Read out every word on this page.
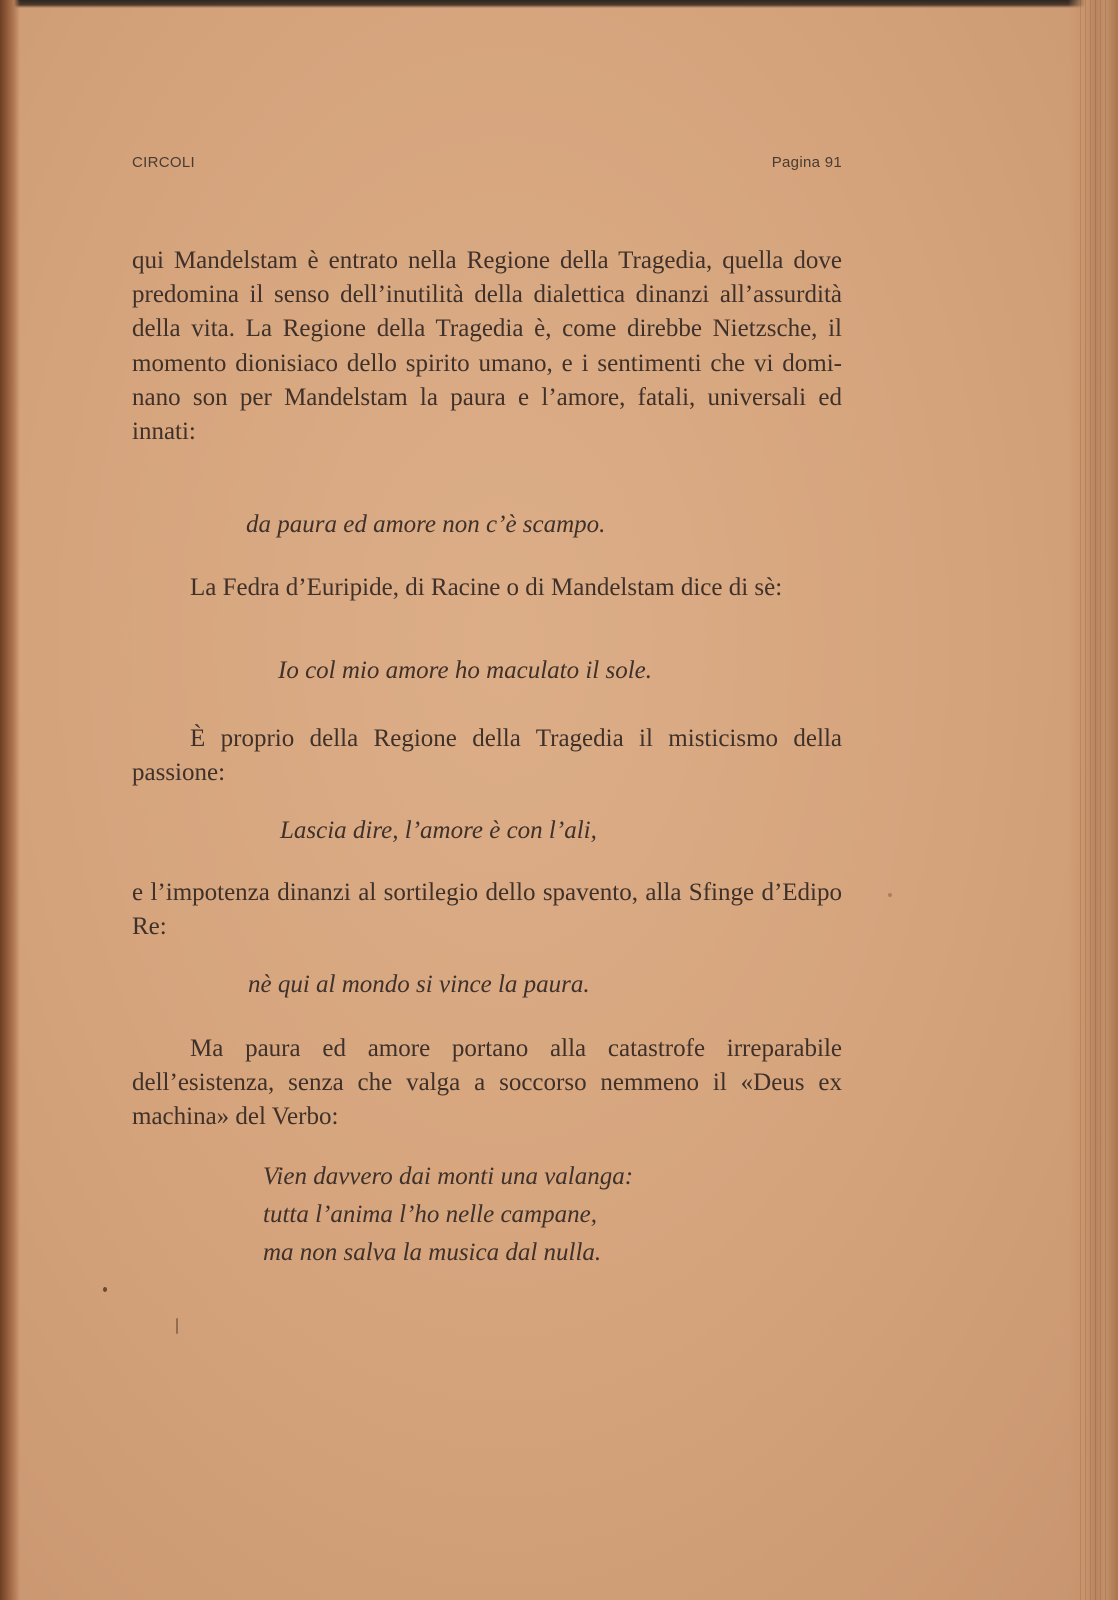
CIRCOLI	Pagina 91
qui Mandelstam è entrato nella Regione della Tragedia, quella dove predomina il senso dell’inutilità della dialettica dinanzi all’assurdità della vita. La Regione della Tragedia è, come direbbe Nietzsche, il momento dionisiaco dello spirito umano, e i sentimenti che vi dominano son per Mandelstam la paura e l’amore, fatali, universali ed innati:
da paura ed amore non c’è scampo.
La Fedra d’Euripide, di Racine o di Mandelstam dice di sè:
Io col mio amore ho maculato il sole.
È proprio della Regione della Tragedia il misticismo della passione:
Lascia dire, l’amore è con l’ali,
e l’impotenza dinanzi al sortilegio dello spavento, alla Sfinge d’Edipo Re:
nè qui al mondo si vince la paura.
Ma paura ed amore portano alla catastrofe irreparabile dell’esistenza, senza che valga a soccorso nemmeno il «Deus ex machina» del Verbo:
Vien davvero dai monti una valanga:
tutta l’anima l’ho nelle campane,
ma non salva la musica dal nulla.
